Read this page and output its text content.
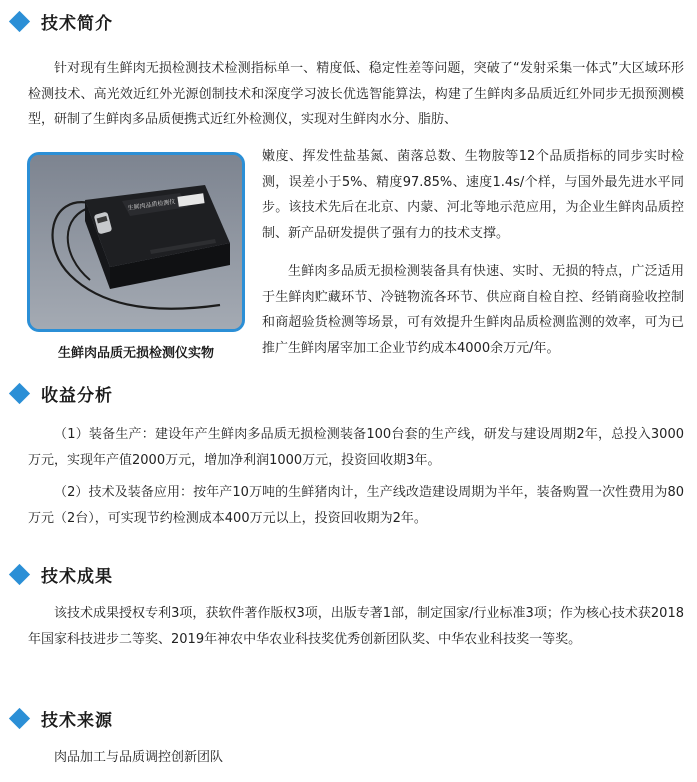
技术简介

针对现有生鲜肉无损检测技术检测指标单一、精度低、稳定性差等问题，突破了“发射采集一体式”大区域环形检测技术、高光效近红外光源创制技术和深度学习波长优选智能算法，构建了生鲜肉多品质近红外同步无损预测模型，研制了生鲜肉多品质便携式近红外检测仪，实现对生鲜肉水分、脂肪、

生鲜肉品质检测仪
生鲜肉品质无损检测仪实物

嫩度、挥发性盐基氮、菌落总数、生物胺等12个品质指标的同步实时检测，误差小于5%、精度97.85%、速度1.4s/个样，与国外最先进水平同步。该技术先后在北京、内蒙、河北等地示范应用，为企业生鲜肉品质控制、新产品研发提供了强有力的技术支撑。

生鲜肉多品质无损检测装备具有快速、实时、无损的特点，广泛适用于生鲜肉贮藏环节、冷链物流各环节、供应商自检自控、经销商验收控制和商超验货检测等场景，可有效提升生鲜肉品质检测监测的效率，可为已推广生鲜肉屠宰加工企业节约成本4000余万元/年。

收益分析

（1）装备生产：建设年产生鲜肉多品质无损检测装备100台套的生产线，研发与建设周期2年，总投入3000万元，实现年产值2000万元，增加净利润1000万元，投资回收期3年。

（2）技术及装备应用：按年产10万吨的生鲜猪肉计，生产线改造建设周期为半年，装备购置一次性费用为80万元（2台），可实现节约检测成本400万元以上，投资回收期为2年。

技术成果

该技术成果授权专利3项，获软件著作版权3项，出版专著1部，制定国家/行业标准3项；作为核心技术获2018年国家科技进步二等奖、2019年神农中华农业科技奖优秀创新团队奖、中华农业科技奖一等奖。

技术来源

肉品加工与品质调控创新团队
